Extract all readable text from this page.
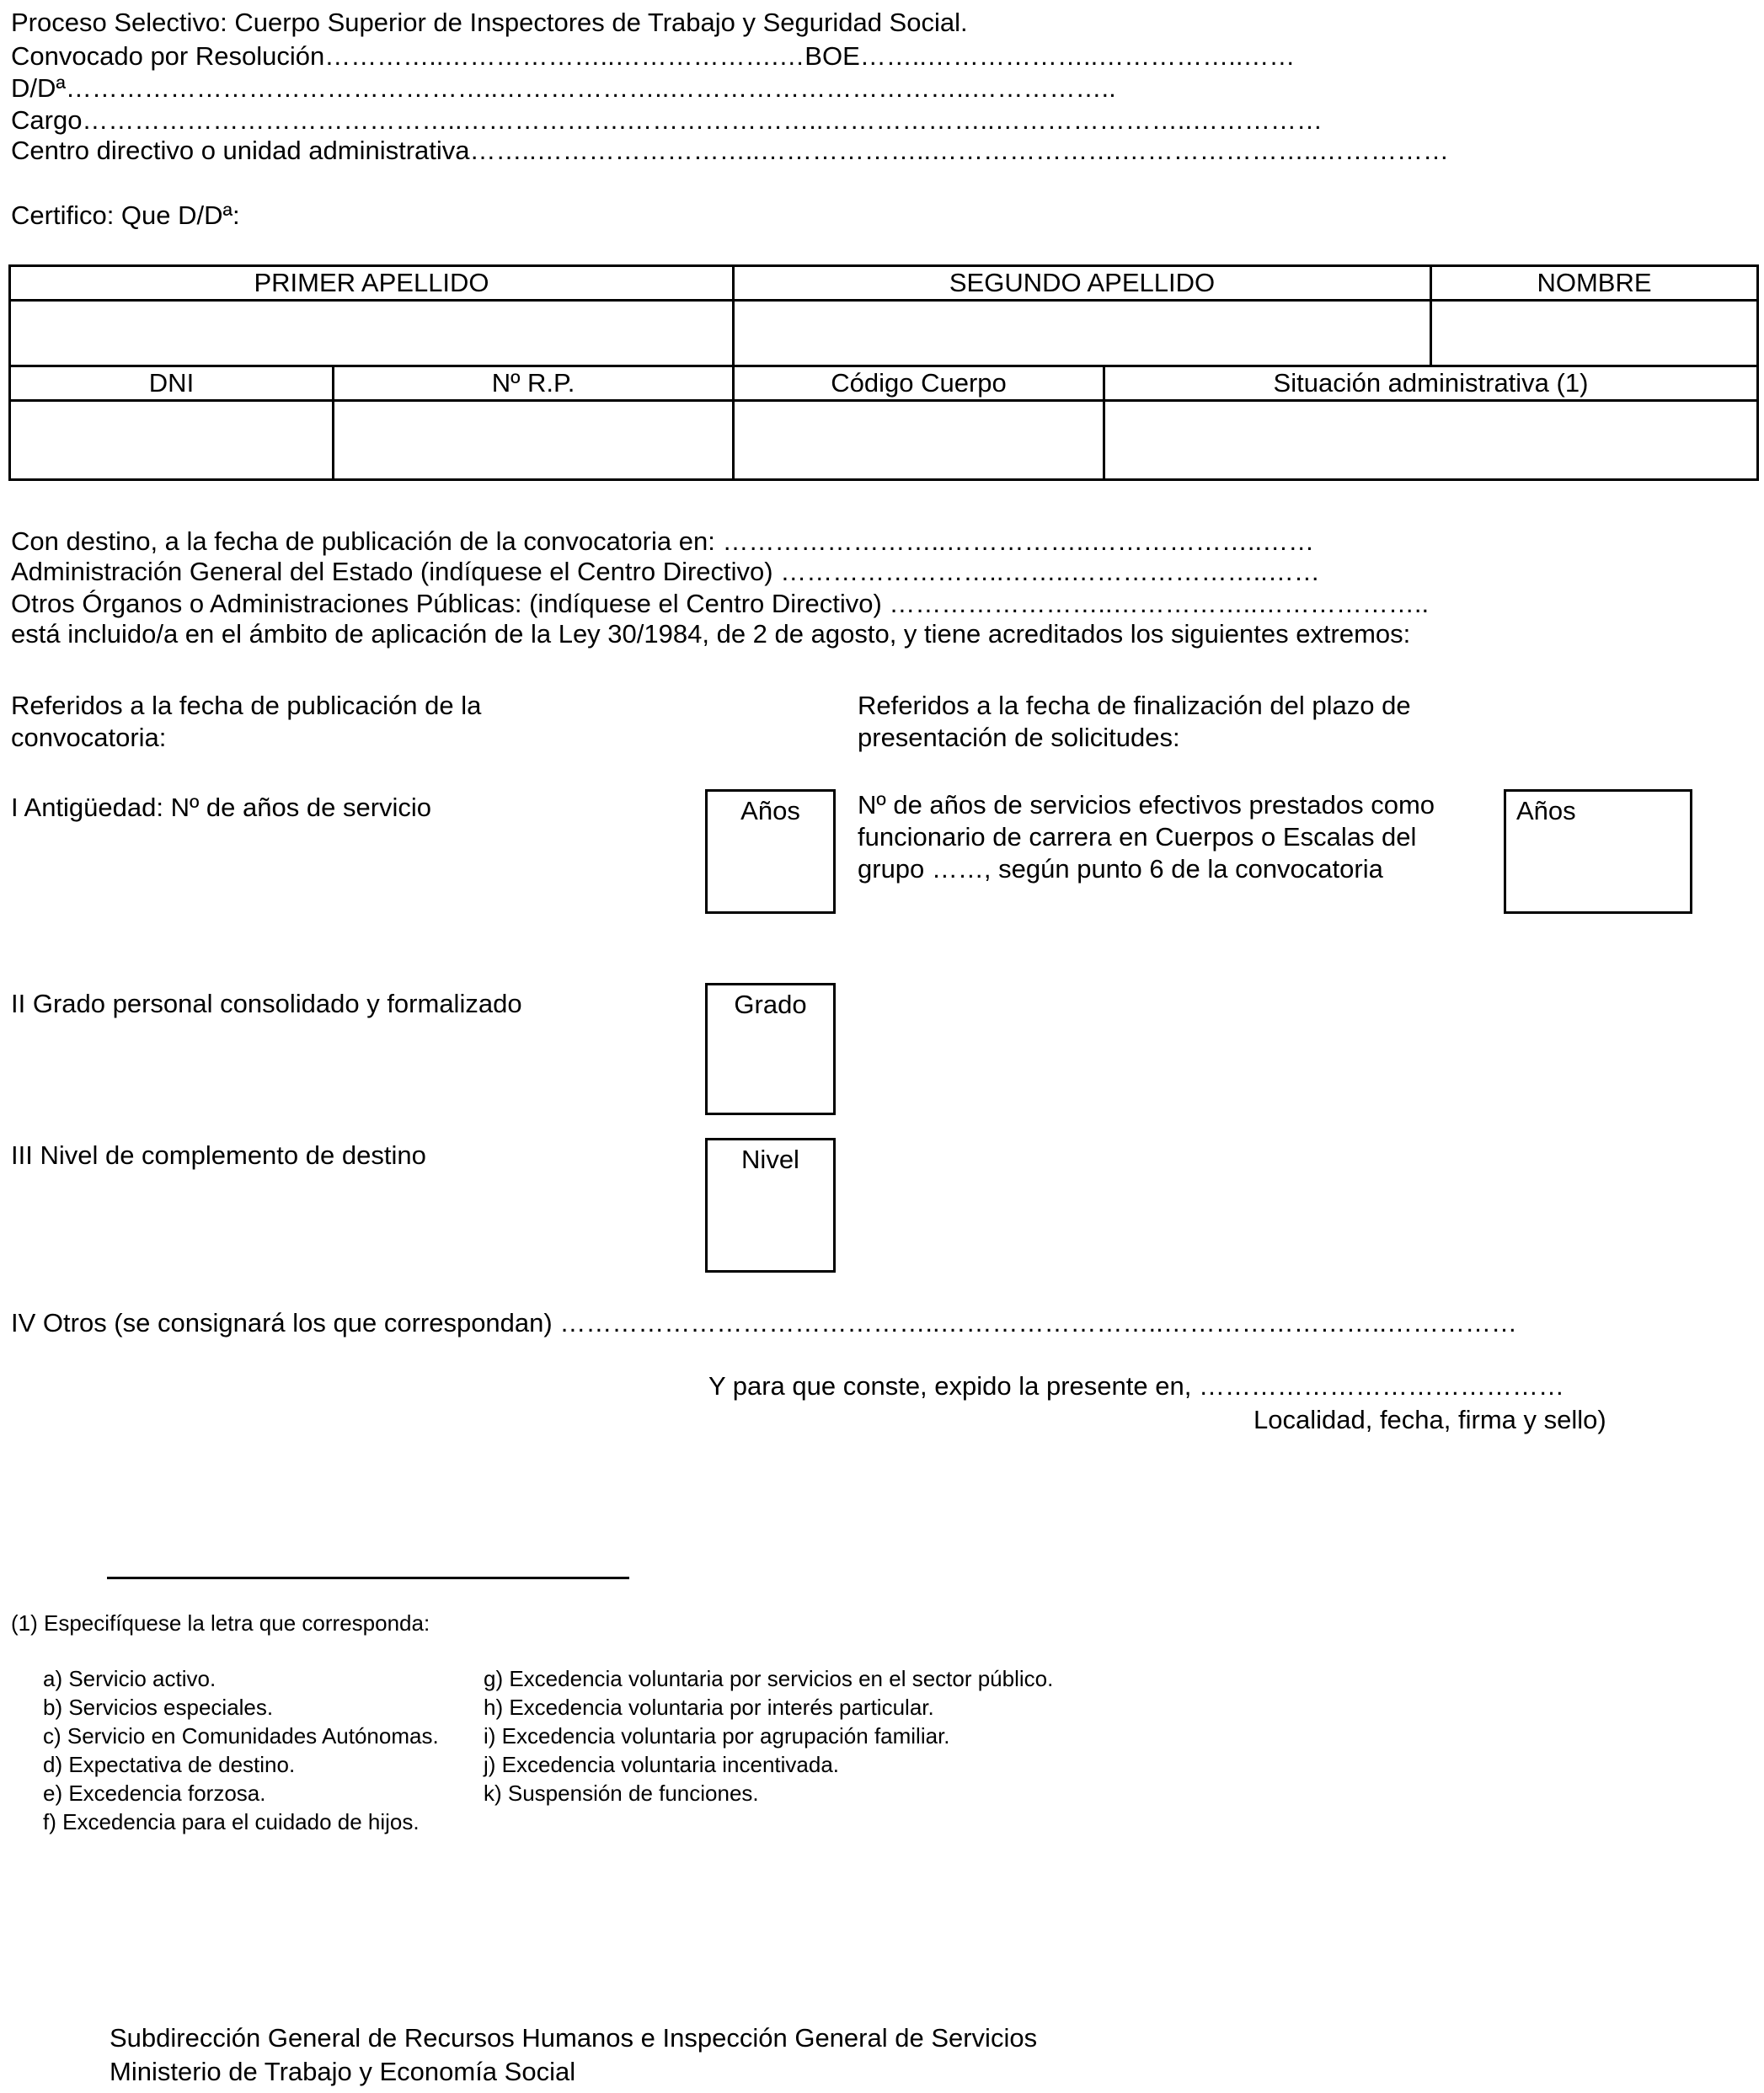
Proceso Selectivo: Cuerpo Superior de Inspectores de Trabajo y Seguridad Social.
Convocado por Resolución…………..………………..……………….…BOE……..………………..……………..……
D/Dª…………………………………………..………………..……………………………..……………..
Cargo……………………………………..……………….…………………..………………..…………………..……………
Centro directivo o unidad administrativa……..……………………..………………..………………….…………………..……………
Certifico: Que D/Dª:
PRIMER APELLIDO		SEGUNDO APELLIDO		NOMBRE

DNI	Nº R.P.	Código Cuerpo	Situación administrativa (1)	

Con destino, a la fecha de publicación de la convocatoria en: ……………………..……………..………………..……
Administración General del Estado (indíquese el Centro Directivo) ……………………..……..…………………..……
Otros Órganos o Administraciones Públicas: (indíquese el Centro Directivo) ……………………..……………..………………..
está incluido/a en el ámbito de aplicación de la Ley 30/1984, de 2 de agosto, y tiene acreditados los siguientes extremos:
Referidos a la fecha de publicación de la
convocatoria:
Referidos a la fecha de finalización del plazo de
presentación de solicitudes:
I Antigüedad: Nº de años de servicio	Años	Nº de años de servicios efectivos prestados como
funcionario de carrera en Cuerpos o Escalas del
grupo ……, según punto 6 de la convocatoria
Años
II Grado personal consolidado y formalizado	Grado
III Nivel de complemento de destino	Nivel
IV Otros (se consignará los que correspondan) ……………………………………..……………………..……………………..……………
Y para que conste, expido la presente en, ……………………………………
Localidad, fecha, firma y sello)
(1) Especifíquese la letra que corresponda:
a) Servicio activo.
b) Servicios especiales.
c) Servicio en Comunidades Autónomas.
d) Expectativa de destino.
e) Excedencia forzosa.
f) Excedencia para el cuidado de hijos.
g) Excedencia voluntaria por servicios en el sector público.
h) Excedencia voluntaria por interés particular.
i) Excedencia voluntaria por agrupación familiar.
j) Excedencia voluntaria incentivada.
k) Suspensión de funciones.
Subdirección General de Recursos Humanos e Inspección General de Servicios
Ministerio de Trabajo y Economía Social
